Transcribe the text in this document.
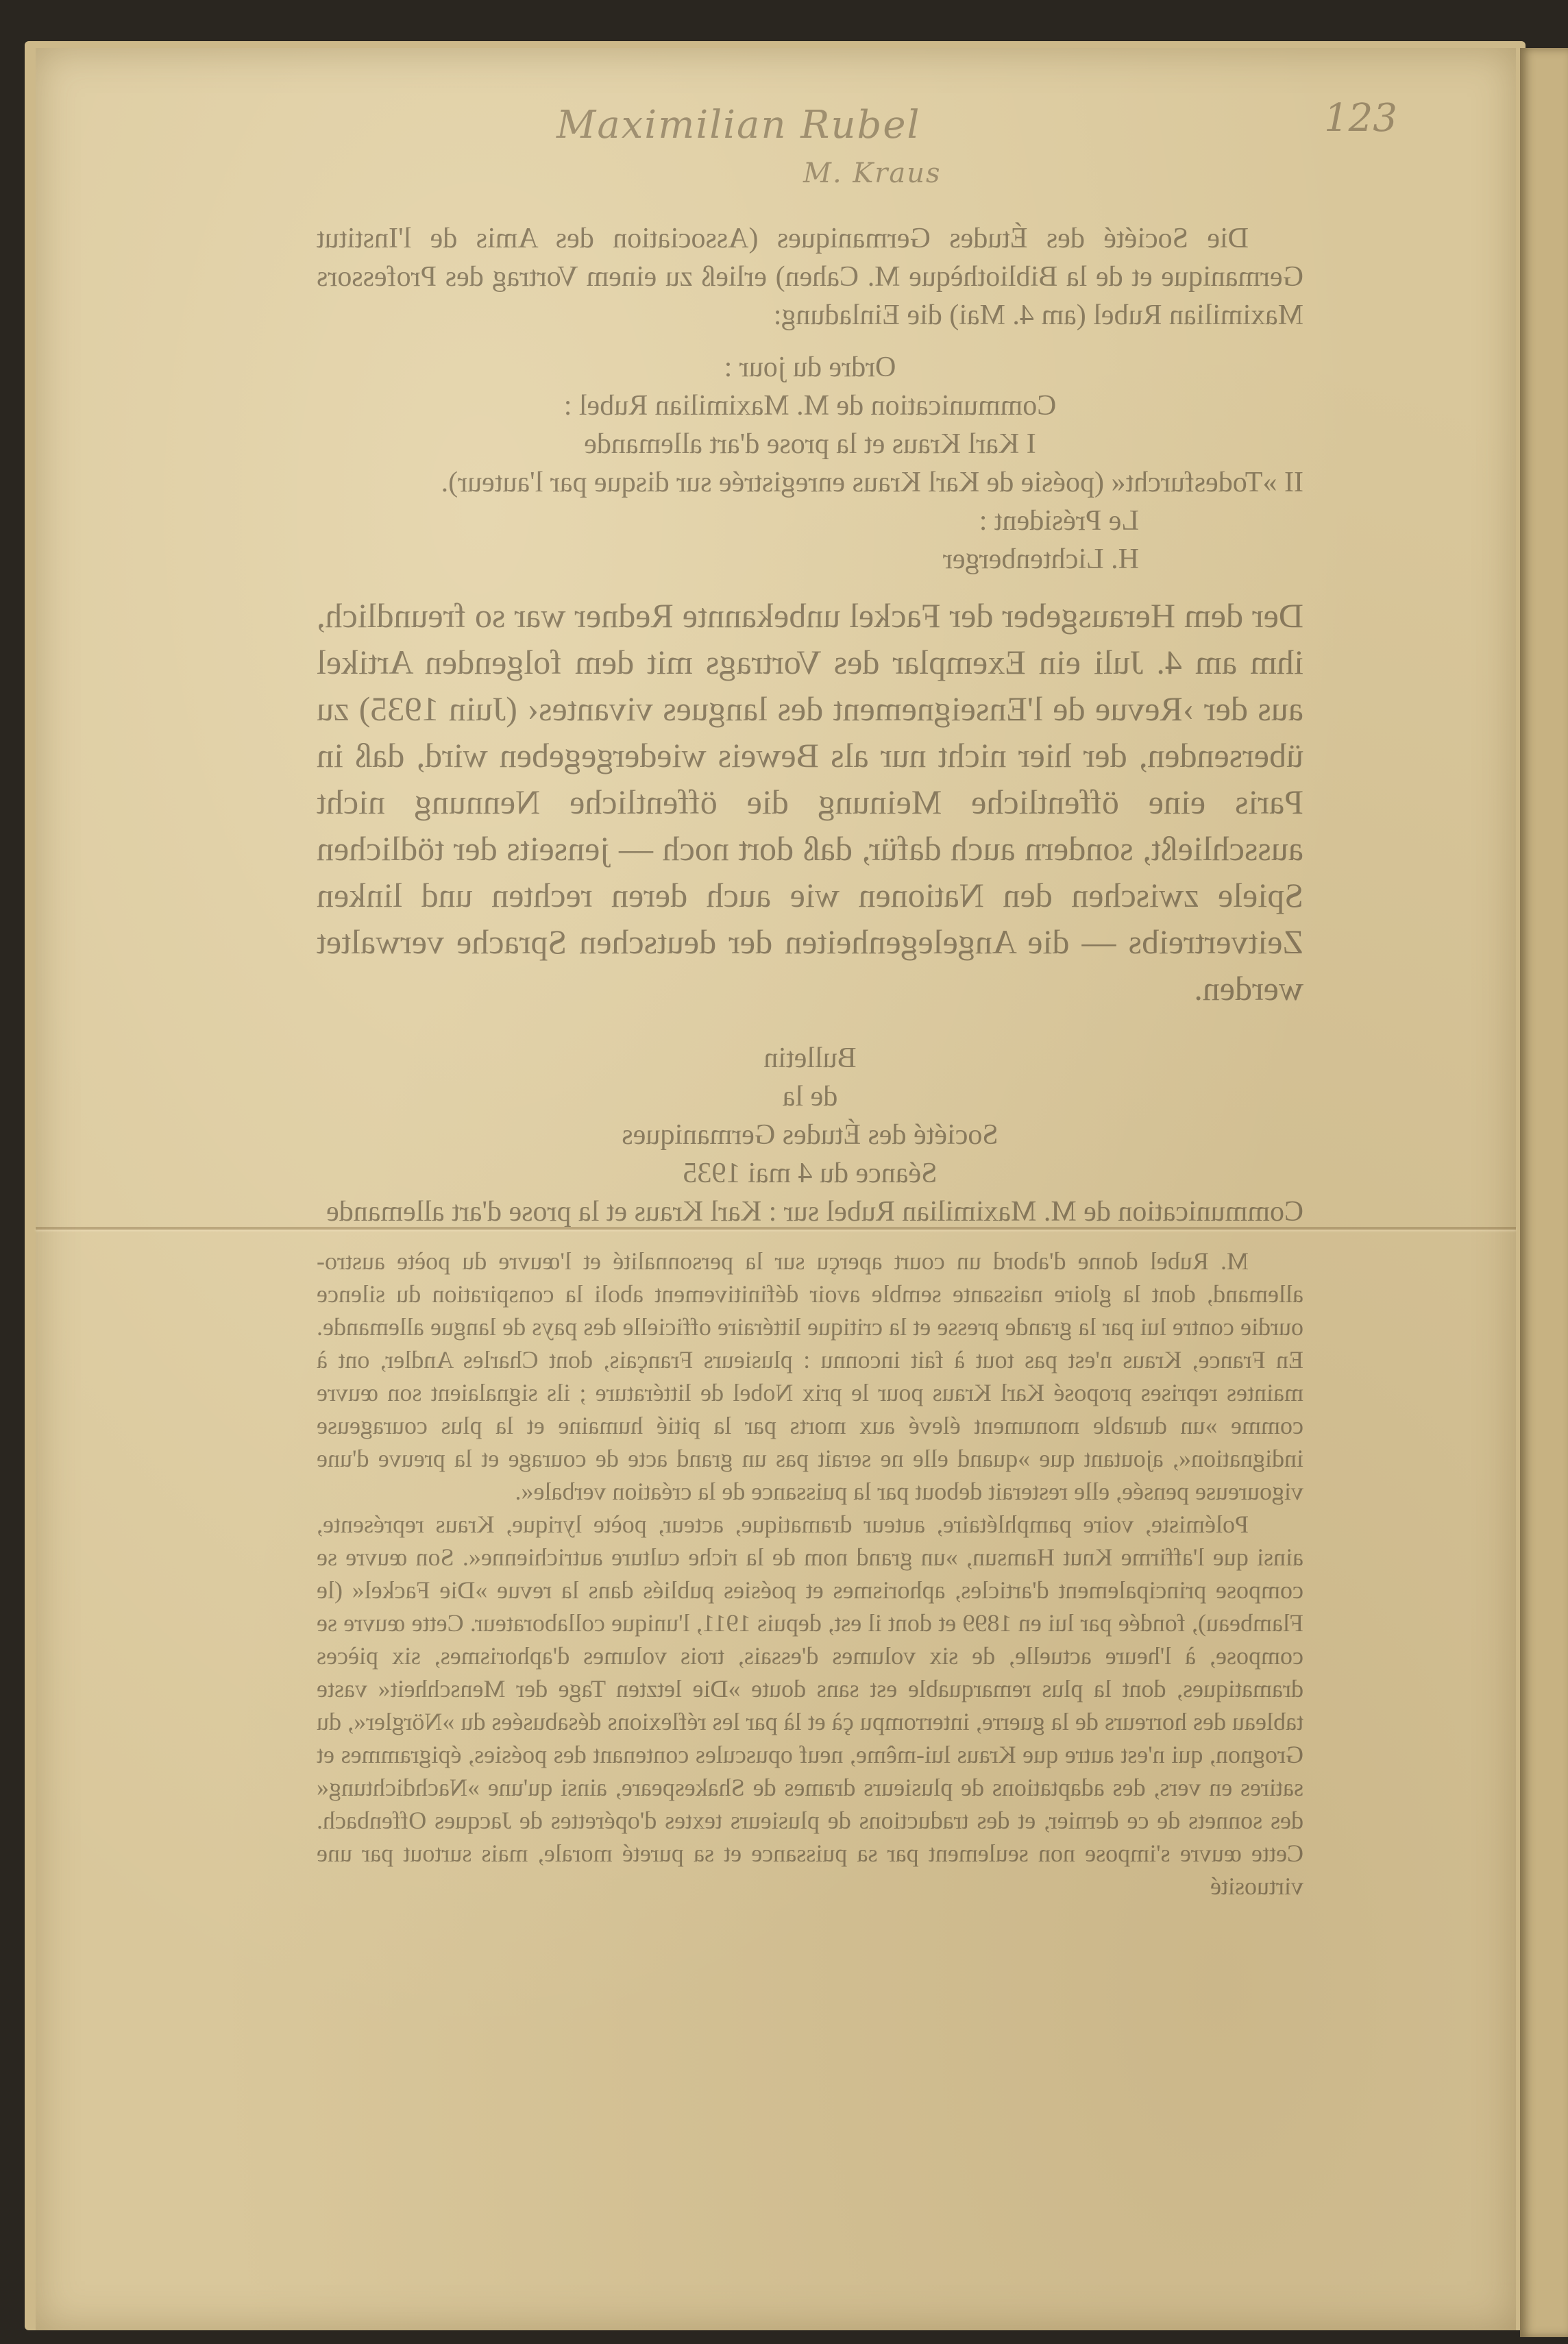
Maximilian Rubel
M. Kraus
123

Die Société des Études Germaniques (Association des Amis de l'Institut Germanique et de la Bibliothèque M. Cahen) erließ zu einem Vortrag des Professors Maximilian Rubel (am 4. Mai) die Einladung:

Ordre du jour :

Communication de M. Maximilian Rubel :

I Karl Kraus et la prose d'art allemande

II »Todesfurcht« (poésie de Karl Kraus enregistrée sur disque par l'auteur).

Le Président :

H. Lichtenberger

Der dem Herausgeber der Fackel unbekannte Redner war so freundlich, ihm am 4. Juli ein Exemplar des Vortrags mit dem folgenden Artikel aus der ›Revue de l'Enseignement des langues vivantes‹ (Juin 1935) zu übersenden, der hier nicht nur als Beweis wiedergegeben wird, daß in Paris eine öffentliche Meinung die öffentliche Nennung nicht ausschließt, sondern auch dafür, daß dort noch — jenseits der tödlichen Spiele zwischen den Nationen wie auch deren rechten und linken Zeitvertreibs — die Angelegenheiten der deutschen Sprache verwaltet werden.

Bulletin

de la

Société des Études Germaniques

Séance du 4 mai 1935

Communication de M. Maximilian Rubel sur : Karl Kraus et la prose d'art allemande

M. Rubel donne d'abord un court aperçu sur la personnalité et l'œuvre du poète austro-allemand, dont la gloire naissante semble avoir définitivement aboli la conspiration du silence ourdie contre lui par la grande presse et la critique littéraire officielle des pays de langue allemande. En France, Kraus n'est pas tout à fait inconnu : plusieurs Français, dont Charles Andler, ont à maintes reprises proposé Karl Kraus pour le prix Nobel de littérature ; ils signalaient son œuvre comme »un durable monument élevé aux morts par la pitié humaine et la plus courageuse indignation«, ajoutant que »quand elle ne serait pas un grand acte de courage et la preuve d'une vigoureuse pensée, elle resterait debout par la puissance de la création verbale«.

Polémiste, voire pamphlétaire, auteur dramatique, acteur, poète lyrique, Kraus représente, ainsi que l'affirme Knut Hamsun, »un grand nom de la riche culture autrichienne«. Son œuvre se compose principalement d'articles, aphorismes et poésies publiés dans la revue »Die Fackel« (le Flambeau), fondée par lui en 1899 et dont il est, depuis 1911, l'unique collaborateur. Cette œuvre se compose, à l'heure actuelle, de six volumes d'essais, trois volumes d'aphorismes, six pièces dramatiques, dont la plus remarquable est sans doute »Die letzten Tage der Menschheit« vaste tableau des horreurs de la guerre, interrompu çà et là par les réflexions désabusées du »Nörgler«, du Grognon, qui n'est autre que Kraus lui-même, neuf opuscules contenant des poésies, épigrammes et satires en vers, des adaptations de plusieurs drames de Shakespeare, ainsi qu'une »Nachdichtung« des sonnets de ce dernier, et des traductions de plusieurs textes d'opérettes de Jacques Offenbach. Cette œuvre s'impose non seulement par sa puissance et sa pureté morale, mais surtout par une virtuosité
